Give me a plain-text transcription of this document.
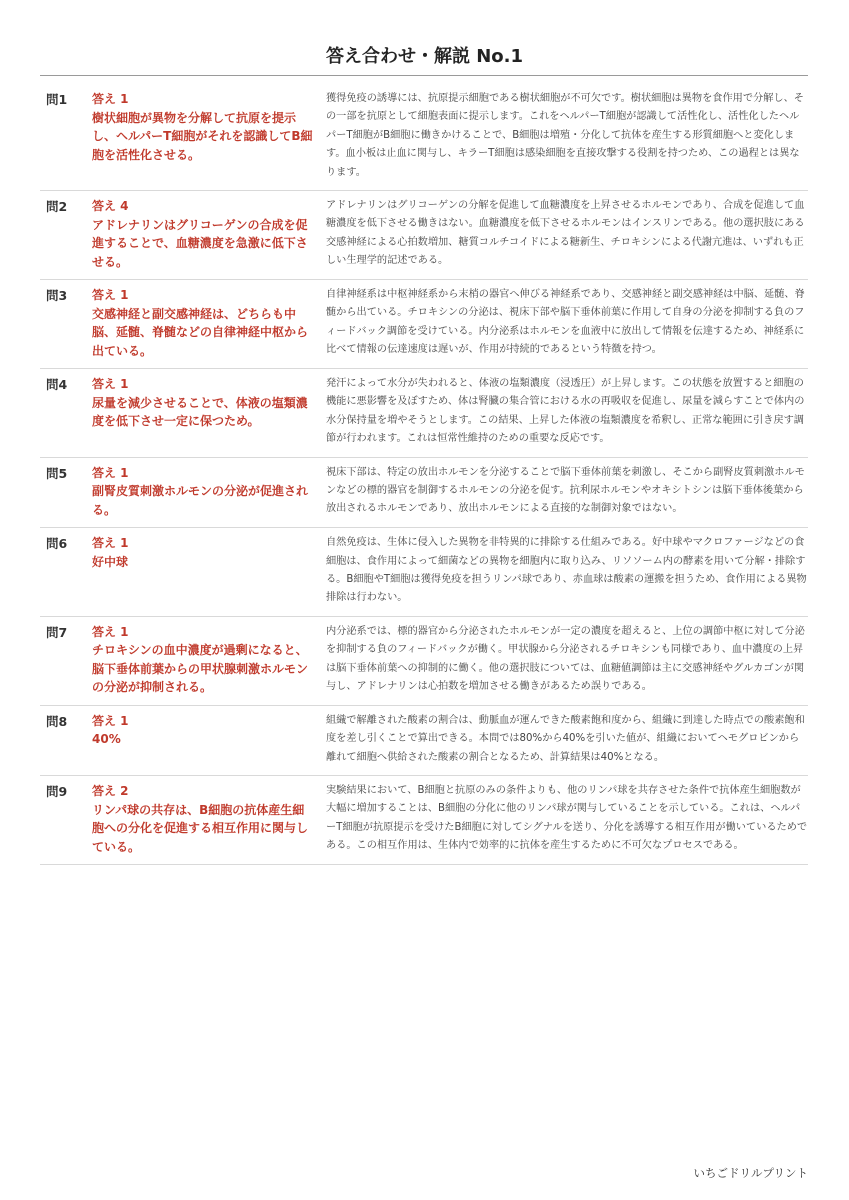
答え合わせ・解説 No.1
問1	答え 1
樹状細胞が異物を分解して抗原を提示し、ヘルパーT細胞がそれを認識してB細胞を活性化させる。
獲得免疫の誘導には、抗原提示細胞である樹状細胞が不可欠です。樹状細胞は異物を食作用で分解し、その一部を抗原として細胞表面に提示します。これをヘルパーT細胞が認識して活性化し、活性化したヘルパーT細胞がB細胞に働きかけることで、B細胞は増殖・分化して抗体を産生する形質細胞へと変化します。血小板は止血に関与し、キラーT細胞は感染細胞を直接攻撃する役割を持つため、この過程とは異なります。
問2	答え 4
アドレナリンはグリコーゲンの合成を促進することで、血糖濃度を急激に低下させる。
アドレナリンはグリコーゲンの分解を促進して血糖濃度を上昇させるホルモンであり、合成を促進して血糖濃度を低下させる働きはない。血糖濃度を低下させるホルモンはインスリンである。他の選択肢にある交感神経による心拍数増加、糖質コルチコイドによる糖新生、チロキシンによる代謝亢進は、いずれも正しい生理学的記述である。
問3	答え 1
交感神経と副交感神経は、どちらも中脳、延髄、脊髄などの自律神経中枢から出ている。
自律神経系は中枢神経系から末梢の器官へ伸びる神経系であり、交感神経と副交感神経は中脳、延髄、脊髄から出ている。チロキシンの分泌は、視床下部や脳下垂体前葉に作用して自身の分泌を抑制する負のフィードバック調節を受けている。内分泌系はホルモンを血液中に放出して情報を伝達するため、神経系に比べて情報の伝達速度は遅いが、作用が持続的であるという特徴を持つ。
問4	答え 1
尿量を減少させることで、体液の塩類濃度を低下させ一定に保つため。
発汗によって水分が失われると、体液の塩類濃度（浸透圧）が上昇します。この状態を放置すると細胞の機能に悪影響を及ぼすため、体は腎臓の集合管における水の再吸収を促進し、尿量を減らすことで体内の水分保持量を増やそうとします。この結果、上昇した体液の塩類濃度を希釈し、正常な範囲に引き戻す調節が行われます。これは恒常性維持のための重要な反応です。
問5	答え 1
副腎皮質刺激ホルモンの分泌が促進される。
視床下部は、特定の放出ホルモンを分泌することで脳下垂体前葉を刺激し、そこから副腎皮質刺激ホルモンなどの標的器官を制御するホルモンの分泌を促す。抗利尿ホルモンやオキシトシンは脳下垂体後葉から放出されるホルモンであり、放出ホルモンによる直接的な制御対象ではない。
問6	答え 1
好中球
自然免疫は、生体に侵入した異物を非特異的に排除する仕組みである。好中球やマクロファージなどの食細胞は、食作用によって細菌などの異物を細胞内に取り込み、リソソーム内の酵素を用いて分解・排除する。B細胞やT細胞は獲得免疫を担うリンパ球であり、赤血球は酸素の運搬を担うため、食作用による異物排除は行わない。
問7	答え 1
チロキシンの血中濃度が過剰になると、脳下垂体前葉からの甲状腺刺激ホルモンの分泌が抑制される。
内分泌系では、標的器官から分泌されたホルモンが一定の濃度を超えると、上位の調節中枢に対して分泌を抑制する負のフィードバックが働く。甲状腺から分泌されるチロキシンも同様であり、血中濃度の上昇は脳下垂体前葉への抑制的に働く。他の選択肢については、血糖値調節は主に交感神経やグルカゴンが関与し、アドレナリンは心拍数を増加させる働きがあるため誤りである。
問8	答え 1
40%
組織で解離された酸素の割合は、動脈血が運んできた酸素飽和度から、組織に到達した時点での酸素飽和度を差し引くことで算出できる。本問では80%から40%を引いた値が、組織においてヘモグロビンから離れて細胞へ供給された酸素の割合となるため、計算結果は40%となる。
問9	答え 2
リンパ球の共存は、B細胞の抗体産生細胞への分化を促進する相互作用に関与している。
実験結果において、B細胞と抗原のみの条件よりも、他のリンパ球を共存させた条件で抗体産生細胞数が大幅に増加することは、B細胞の分化に他のリンパ球が関与していることを示している。これは、ヘルパーT細胞が抗原提示を受けたB細胞に対してシグナルを送り、分化を誘導する相互作用が働いているためである。この相互作用は、生体内で効率的に抗体を産生するために不可欠なプロセスである。
いちごドリルプリント
